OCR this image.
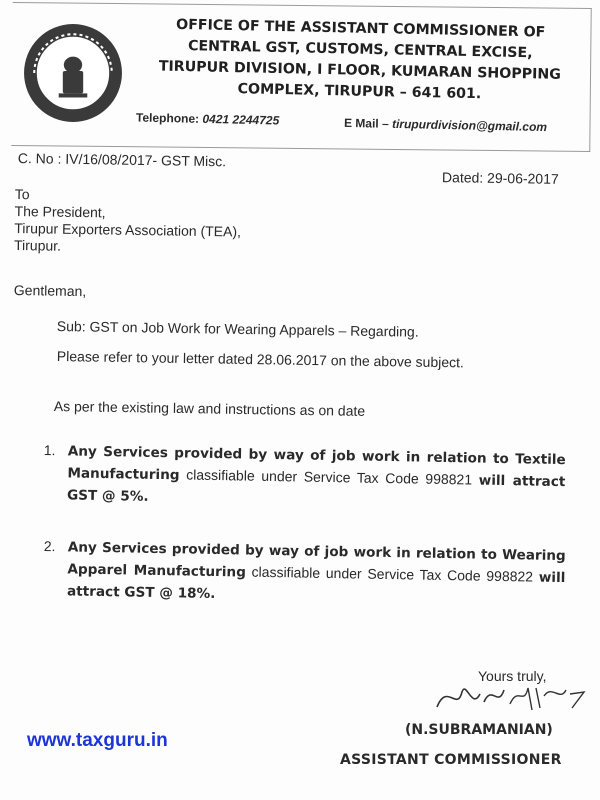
OFFICE OF THE ASSISTANT COMMISSIONER OF
CENTRAL GST, CUSTOMS, CENTRAL EXCISE,
TIRUPUR DIVISION, I FLOOR, KUMARAN SHOPPING
COMPLEX, TIRUPUR – 641 601.
Telephone: 0421 2244725	E Mail – tirupurdivision@gmail.com
C. No : IV/16/08/2017- GST Misc.
Dated: 29-06-2017
To
The President,
Tirupur Exporters Association (TEA),
Tirupur.
Gentleman,
Sub: GST on Job Work for Wearing Apparels – Regarding.
Please refer to your letter dated 28.06.2017 on the above subject.
As per the existing law and instructions as on date
1. Any Services provided by way of job work in relation to Textile Manufacturing classifiable under Service Tax Code 998821 will attract GST @ 5%.
2. Any Services provided by way of job work in relation to Wearing Apparel Manufacturing classifiable under Service Tax Code 998822 will attract GST @ 18%.
Yours truly,
(N.SUBRAMANIAN)
ASSISTANT COMMISSIONER
www.taxguru.in
